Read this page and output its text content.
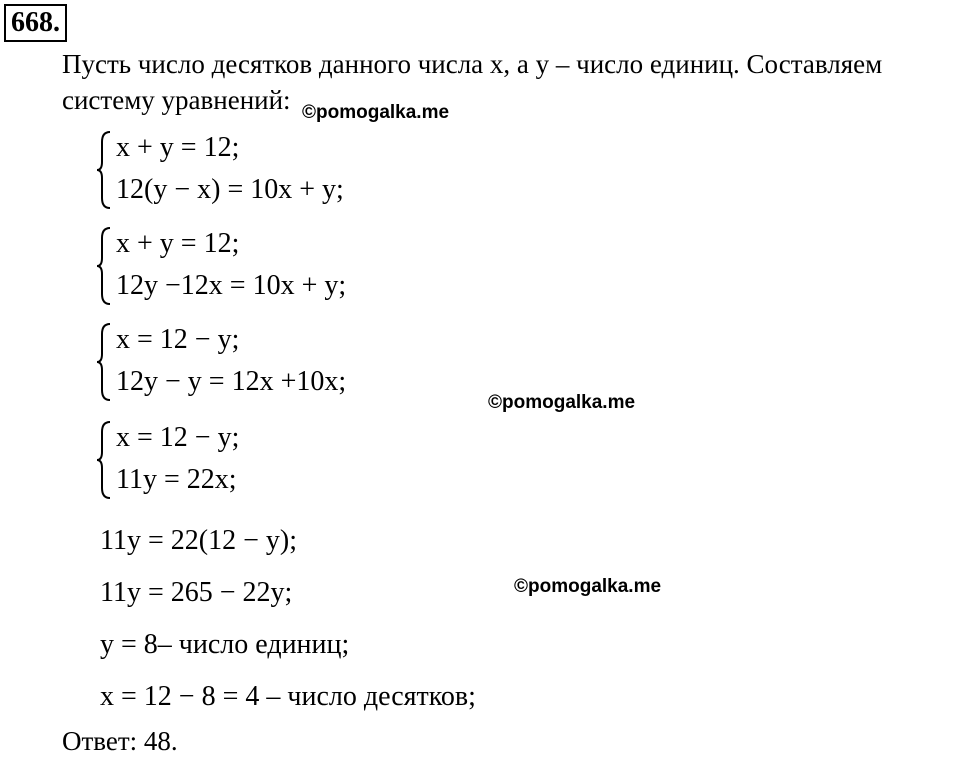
668.
Пусть число десятков данного числа x, а y – число единиц. Составляем
систему уравнений: ©pomogalka.me
x + y = 12;
12(y − x) = 10x + y;
x + y = 12;
12y −12x = 10x + y;
x = 12 − y;
12y − y = 12x +10x;
©pomogalka.me
x = 12 − y;
11y = 22x;
11y = 22(12 − y);
11y = 265 − 22y;	©pomogalka.me
y = 8– число единиц;
x = 12 − 8 = 4 – число десятков;
Ответ: 48.
